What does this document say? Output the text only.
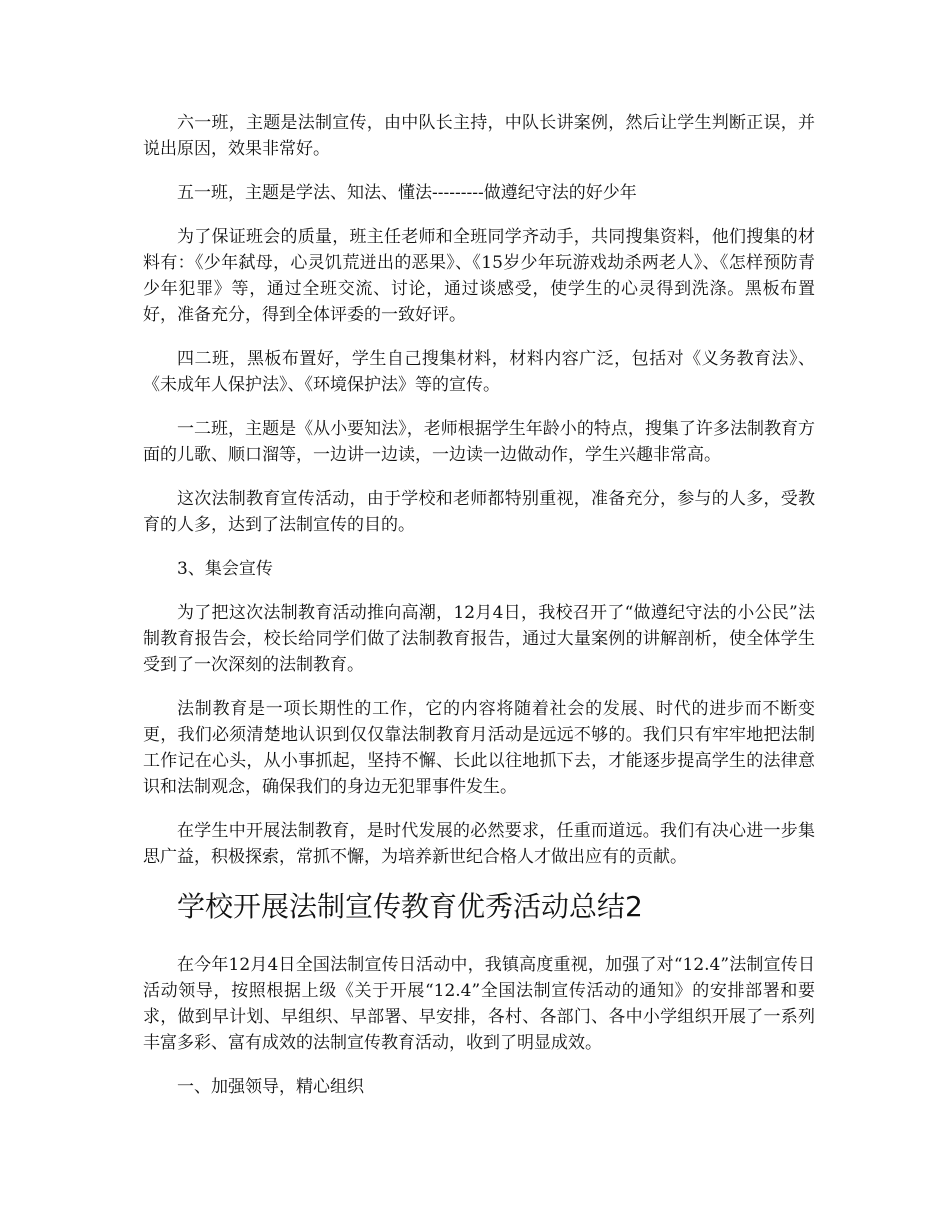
六一班，主题是法制宣传，由中队长主持，中队长讲案例，然后让学生判断正误，并说出原因，效果非常好。

五一班，主题是学法、知法、懂法---------做遵纪守法的好少年

为了保证班会的质量，班主任老师和全班同学齐动手，共同搜集资料，他们搜集的材料有：《少年弑母，心灵饥荒迸出的恶果》、《15岁少年玩游戏劫杀两老人》、《怎样预防青少年犯罪》等，通过全班交流、讨论，通过谈感受，使学生的心灵得到洗涤。黑板布置好，准备充分，得到全体评委的一致好评。

四二班，黑板布置好，学生自己搜集材料，材料内容广泛，包括对《义务教育法》、《未成年人保护法》、《环境保护法》等的宣传。

一二班，主题是《从小要知法》，老师根据学生年龄小的特点，搜集了许多法制教育方面的儿歌、顺口溜等，一边讲一边读，一边读一边做动作，学生兴趣非常高。

这次法制教育宣传活动，由于学校和老师都特别重视，准备充分，参与的人多，受教育的人多，达到了法制宣传的目的。

3、集会宣传

为了把这次法制教育活动推向高潮，12月4日，我校召开了“做遵纪守法的小公民”法制教育报告会，校长给同学们做了法制教育报告，通过大量案例的讲解剖析，使全体学生受到了一次深刻的法制教育。

法制教育是一项长期性的工作，它的内容将随着社会的发展、时代的进步而不断变更，我们必须清楚地认识到仅仅靠法制教育月活动是远远不够的。我们只有牢牢地把法制工作记在心头，从小事抓起，坚持不懈、长此以往地抓下去，才能逐步提高学生的法律意识和法制观念，确保我们的身边无犯罪事件发生。

在学生中开展法制教育，是时代发展的必然要求，任重而道远。我们有决心进一步集思广益，积极探索，常抓不懈，为培养新世纪合格人才做出应有的贡献。

学校开展法制宣传教育优秀活动总结2

在今年12月4日全国法制宣传日活动中，我镇高度重视，加强了对“12.4”法制宣传日活动领导，按照根据上级《关于开展“12.4”全国法制宣传活动的通知》的安排部署和要求，做到早计划、早组织、早部署、早安排，各村、各部门、各中小学组织开展了一系列丰富多彩、富有成效的法制宣传教育活动，收到了明显成效。

一、加强领导，精心组织
